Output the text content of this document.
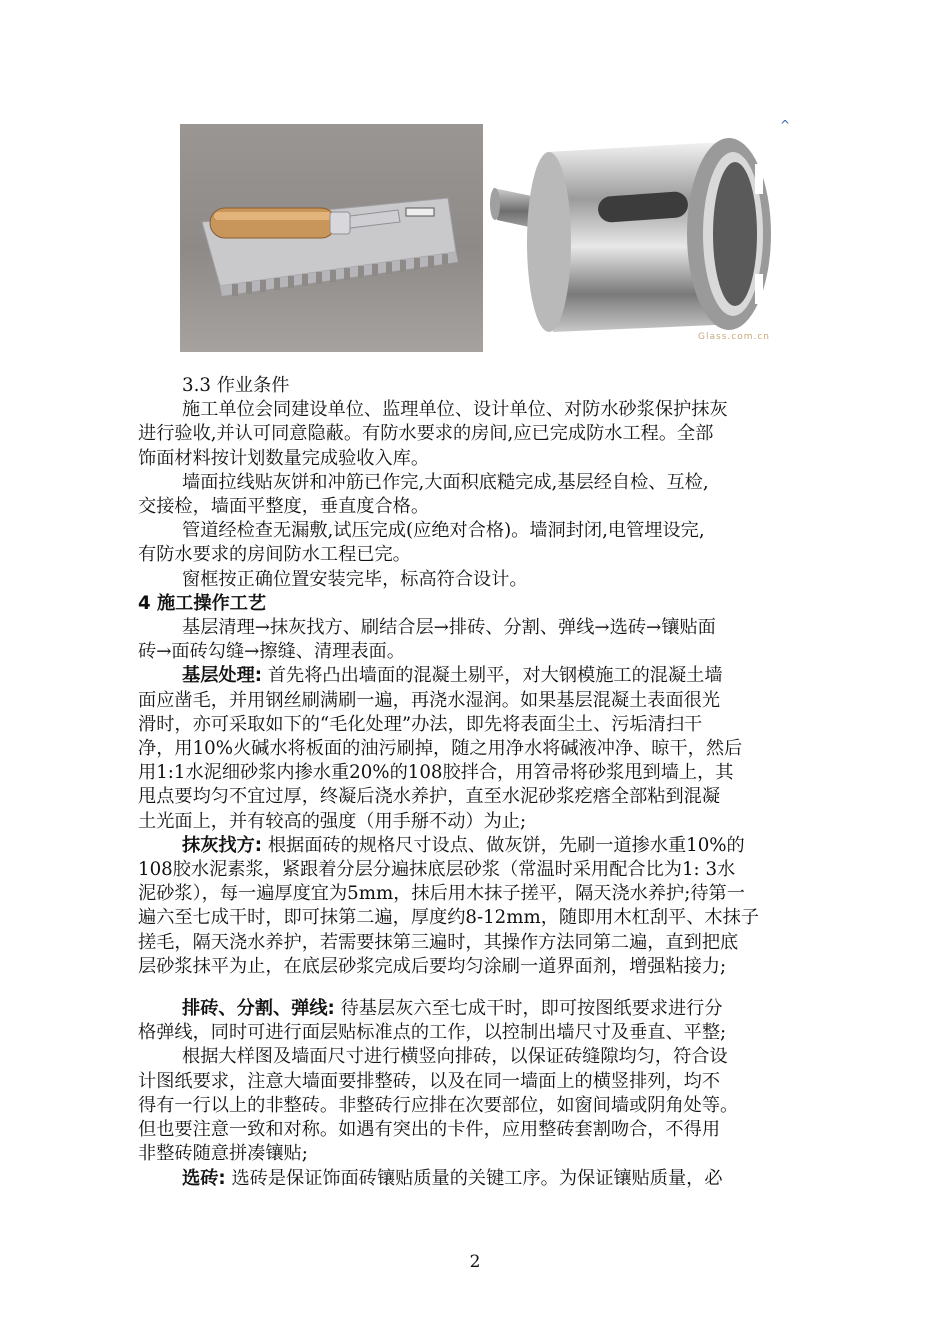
Glass.com.cn
^

3.3 作业条件

施工单位会同建设单位、监理单位、设计单位、对防水砂浆保护抹灰

进行验收,并认可同意隐蔽。有防水要求的房间,应已完成防水工程。全部

饰面材料按计划数量完成验收入库。

墙面拉线贴灰饼和冲筋已作完,大面积底糙完成,基层经自检、互检,

交接检，墙面平整度，垂直度合格。

管道经检查无漏敷,试压完成(应绝对合格)。墙洞封闭,电管埋设完,

有防水要求的房间防水工程已完。

窗框按正确位置安装完毕，标高符合设计。

4 施工操作工艺

基层清理→抹灰找方、刷结合层→排砖、分割、弹线→选砖→镶贴面

砖→面砖勾缝→擦缝、清理表面。

基层处理: 首先将凸出墙面的混凝土剔平，对大钢模施工的混凝土墙

面应凿毛，并用钢丝刷满刷一遍，再浇水湿润。如果基层混凝土表面很光

滑时，亦可采取如下的“毛化处理”办法，即先将表面尘土、污垢清扫干

净，用10%火碱水将板面的油污刷掉，随之用净水将碱液冲净、晾干，然后

用1:1水泥细砂浆内掺水重20%的108胶拌合，用笤帚将砂浆甩到墙上，其

甩点要均匀不宜过厚，终凝后浇水养护，直至水泥砂浆疙瘩全部粘到混凝

土光面上，并有较高的强度（用手掰不动）为止;

抹灰找方: 根据面砖的规格尺寸设点、做灰饼，先刷一道掺水重10%的

108胶水泥素浆，紧跟着分层分遍抹底层砂浆（常温时采用配合比为1: 3水

泥砂浆），每一遍厚度宜为5mm，抹后用木抹子搓平，隔天浇水养护;待第一

遍六至七成干时，即可抹第二遍，厚度约8-12mm，随即用木杠刮平、木抹子

搓毛，隔天浇水养护，若需要抹第三遍时，其操作方法同第二遍，直到把底

层砂浆抹平为止，在底层砂浆完成后要均匀涂刷一道界面剂，增强粘接力;

排砖、分割、弹线: 待基层灰六至七成干时，即可按图纸要求进行分

格弹线，同时可进行面层贴标准点的工作，以控制出墙尺寸及垂直、平整;

根据大样图及墙面尺寸进行横竖向排砖，以保证砖缝隙均匀，符合设

计图纸要求，注意大墙面要排整砖，以及在同一墙面上的横竖排列，均不

得有一行以上的非整砖。非整砖行应排在次要部位，如窗间墙或阴角处等。

但也要注意一致和对称。如遇有突出的卡件，应用整砖套割吻合，不得用

非整砖随意拼凑镶贴;

选砖: 选砖是保证饰面砖镶贴质量的关键工序。为保证镶贴质量，必

2
